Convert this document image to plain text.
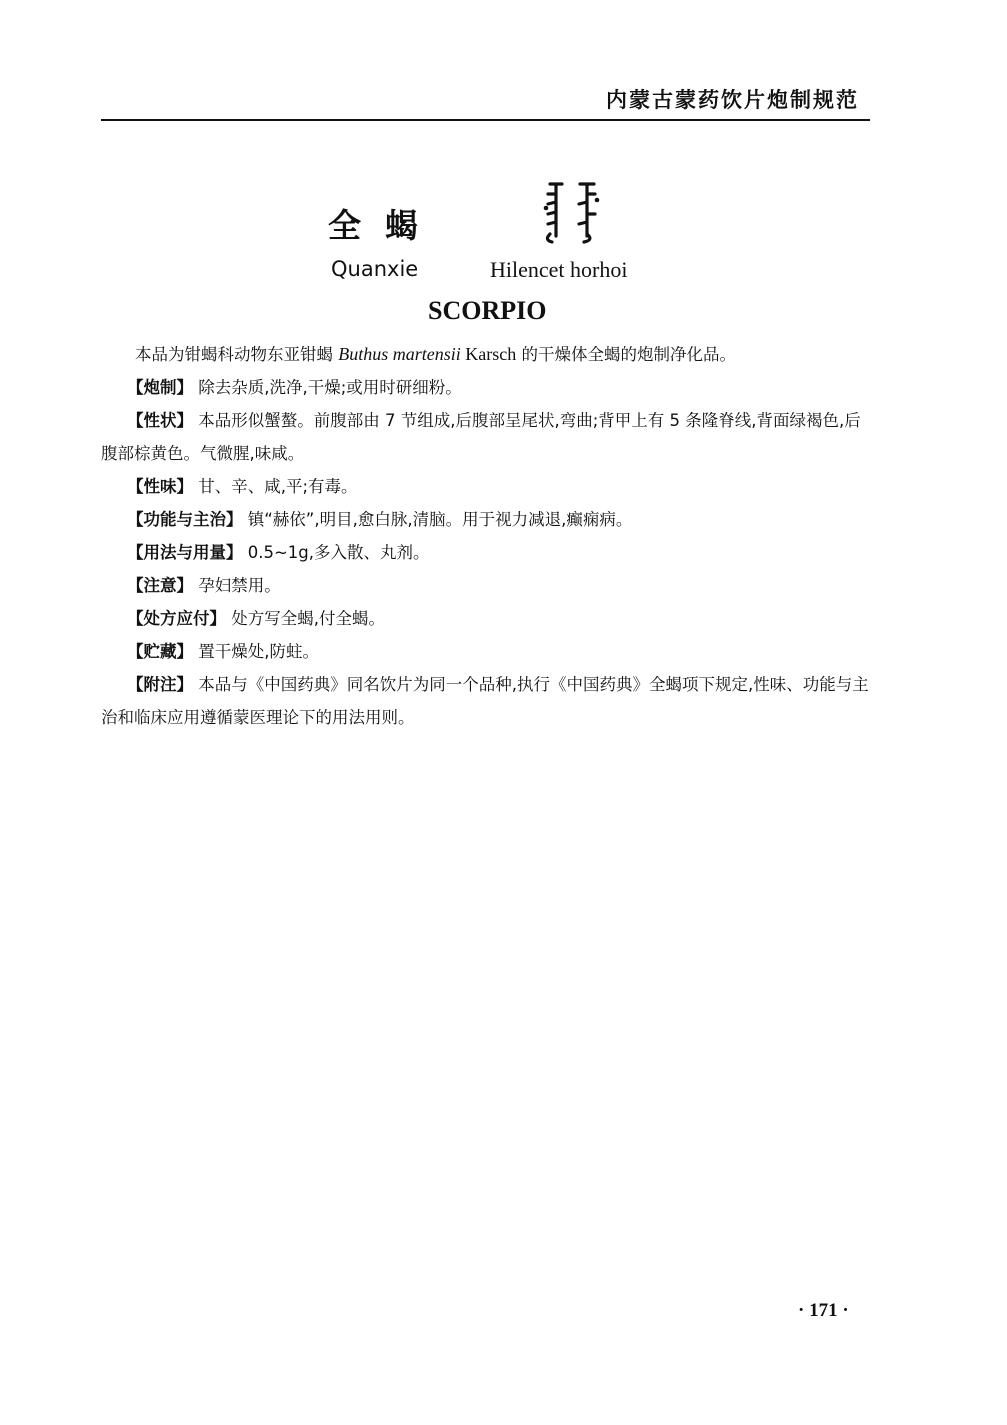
内蒙古蒙药饮片炮制规范
全蝎
Quanxie	Hilencet horhoi
SCORPIO

本品为钳蝎科动物东亚钳蝎 Buthus martensii Karsch 的干燥体全蝎的炮制净化品。

【炮制】 除去杂质,洗净,干燥;或用时研细粉。

【性状】 本品形似蟹螯。前腹部由 7 节组成,后腹部呈尾状,弯曲;背甲上有 5 条隆脊线,背面绿褐色,后腹部棕黄色。气微腥,味咸。

【性味】 甘、辛、咸,平;有毒。

【功能与主治】 镇“赫依”,明目,愈白脉,清脑。用于视力减退,癫痫病。

【用法与用量】 0.5~1g,多入散、丸剂。

【注意】 孕妇禁用。

【处方应付】 处方写全蝎,付全蝎。

【贮藏】 置干燥处,防蛀。

【附注】 本品与《中国药典》同名饮片为同一个品种,执行《中国药典》全蝎项下规定,性味、功能与主治和临床应用遵循蒙医理论下的用法用则。

· 171 ·
